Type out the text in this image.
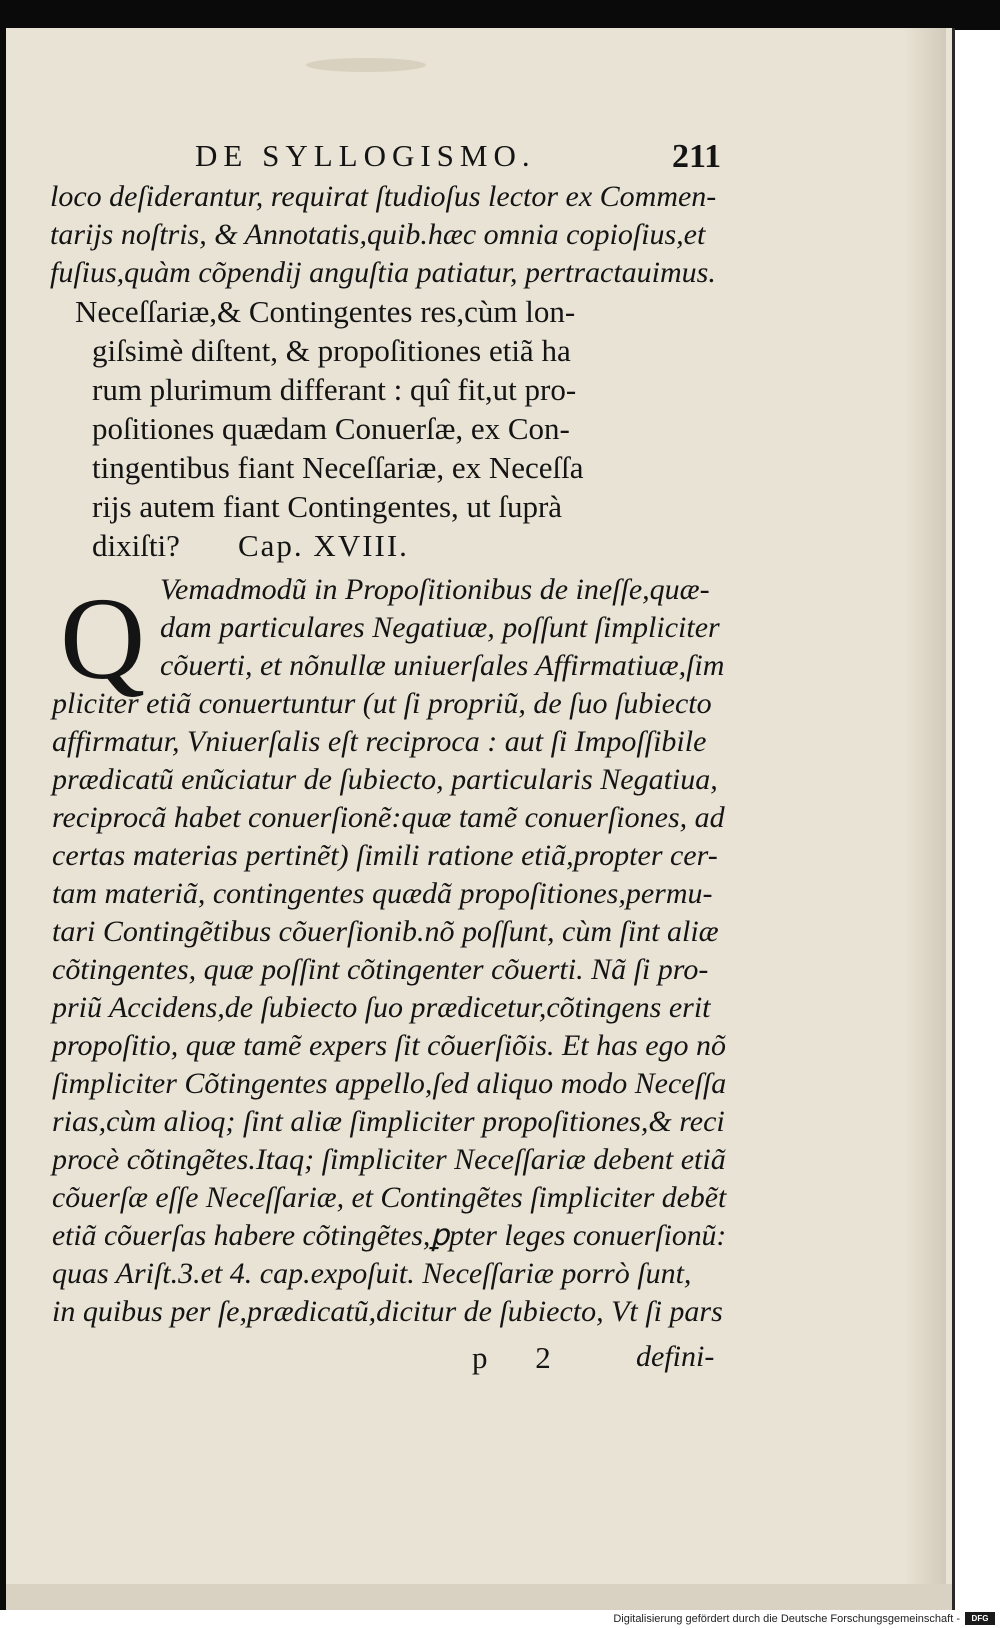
DE SYLLOGISMO.	211
loco deſiderantur, requirat ſtudioſus lector ex Commen-
tarijs noſtris, & Annotatis,quib.hæc omnia copioſius,et
fuſius,quàm cõpendij anguſtia patiatur, pertractauimus.
Neceſſariæ,& Contingentes res,cùm lon-
giſsimè diſtent, & propoſitiones etiã ha
rum plurimum differant : quî fit,ut pro-
poſitiones quædam Conuerſæ, ex Con-
tingentibus fiant Neceſſariæ, ex Neceſſa
rijs autem fiant Contingentes, ut ſuprà
dixiſti? Cap. XVIII.
Q Vemadmodũ in Propoſitionibus de ineſſe,quæ-
dam particulares Negatiuæ, poſſunt ſimpliciter
cõuerti, et nõnullæ uniuerſales Affirmatiuæ,ſim
pliciter etiã conuertuntur (ut ſi propriũ, de ſuo ſubiecto
affirmatur, Vniuerſalis eſt reciproca : aut ſi Impoſſibile
prædicatũ enũciatur de ſubiecto, particularis Negatiua,
reciprocã habet conuerſionẽ:quæ tamẽ conuerſiones, ad
certas materias pertinẽt) ſimili ratione etiã,propter cer-
tam materiã, contingentes quædã propoſitiones,permu-
tari Contingẽtibus cõuerſionib.nõ poſſunt, cùm ſint aliæ
cõtingentes, quæ poſſint cõtingenter cõuerti. Nã ſi pro-
priũ Accidens,de ſubiecto ſuo prædicetur,cõtingens erit
propoſitio, quæ tamẽ expers ſit cõuerſiõis. Et has ego nõ
ſimpliciter Cõtingentes appello,ſed aliquo modo Neceſſa
rias,cùm alioq; ſint aliæ ſimpliciter propoſitiones,& reci
procè cõtingẽtes.Itaq; ſimpliciter Neceſſariæ debent etiã
cõuerſæ eſſe Neceſſariæ, et Contingẽtes ſimpliciter debẽt
etiã cõuerſas habere cõtingẽtes,ꝑpter leges conuerſionũ:
quas Ariſt.3.et 4. cap.expoſuit. Neceſſariæ porrò ſunt,
in quibus per ſe,prædicatũ,dicitur de ſubiecto, Vt ſi pars
p 2 defini-
Digitalisierung gefördert durch die Deutsche Forschungsgemeinschaft -	DFG
